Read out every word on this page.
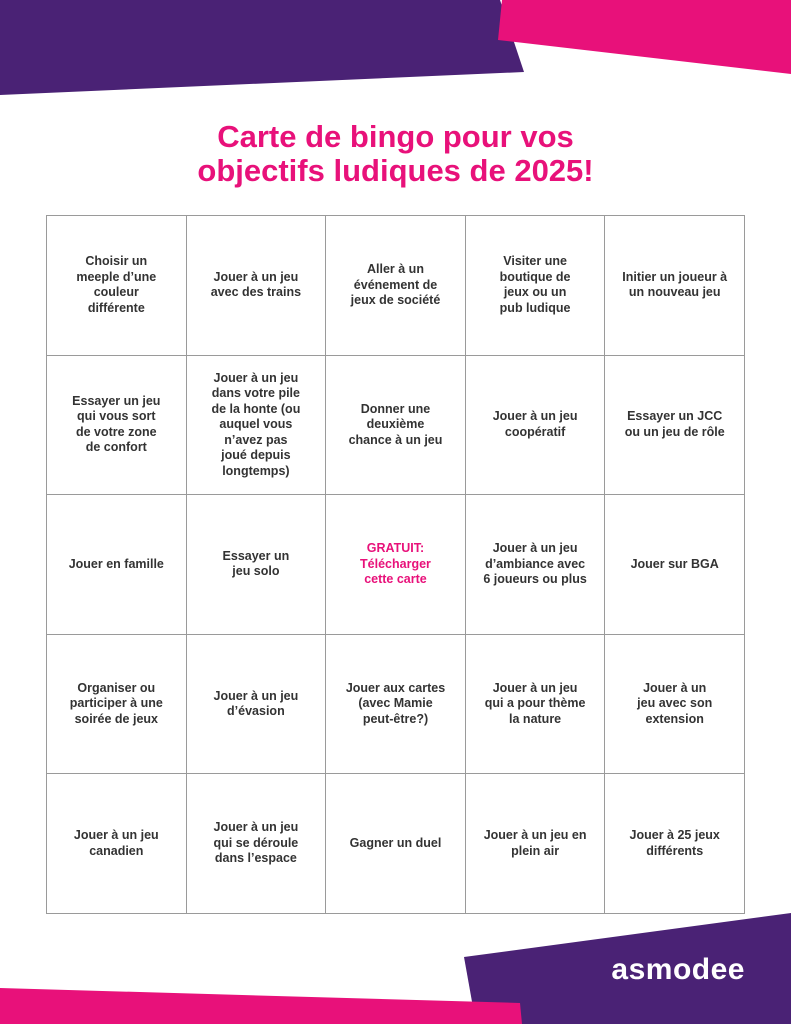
Carte de bingo pour vos
objectifs ludiques de 2025!
Choisir un
meeple d’une
couleur
différente
Jouer à un jeu
avec des trains
Aller à un
événement de
jeux de société
Visiter une
boutique de
jeux ou un
pub ludique
Initier un joueur à
un nouveau jeu
Essayer un jeu
qui vous sort
de votre zone
de confort
Jouer à un jeu
dans votre pile
de la honte (ou
auquel vous
n’avez pas
joué depuis
longtemps)
Donner une
deuxième
chance à un jeu
Jouer à un jeu
coopératif
Essayer un JCC
ou un jeu de rôle
Jouer en famille
Essayer un
jeu solo
GRATUIT:
Télécharger
cette carte
Jouer à un jeu
d’ambiance avec
6 joueurs ou plus
Jouer sur BGA
Organiser ou
participer à une
soirée de jeux
Jouer à un jeu
d’évasion
Jouer aux cartes
(avec Mamie
peut-être?)
Jouer à un jeu
qui a pour thème
la nature
Jouer à un
jeu avec son
extension
Jouer à un jeu
canadien
Jouer à un jeu
qui se déroule
dans l’espace
Gagner un duel
Jouer à un jeu en
plein air
Jouer à 25 jeux
différents
asmodee
